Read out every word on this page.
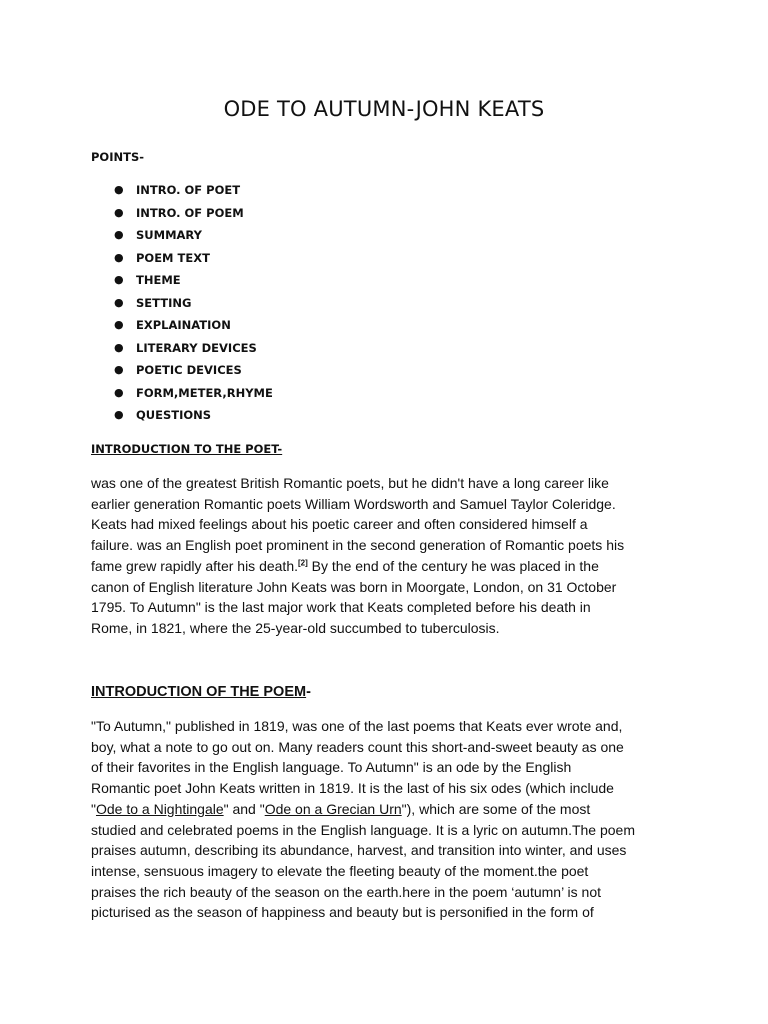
ODE TO AUTUMN-JOHN KEATS

POINTS-

● INTRO. OF POET
● INTRO. OF POEM
● SUMMARY
● POEM TEXT
● THEME
● SETTING
● EXPLAINATION
● LITERARY DEVICES
● POETIC DEVICES
● FORM,METER,RHYME
● QUESTIONS
INTRODUCTION TO THE POET-

was one of the greatest British Romantic poets, but he didn't have a long career like
earlier generation Romantic poets William Wordsworth and Samuel Taylor Coleridge.
Keats had mixed feelings about his poetic career and often considered himself a
failure. was an English poet prominent in the second generation of Romantic poets his
fame grew rapidly after his death.[2] By the end of the century he was placed in the
canon of English literature John Keats was born in Moorgate, London, on 31 October
1795. To Autumn" is the last major work that Keats completed before his death in
Rome, in 1821, where the 25-year-old succumbed to tuberculosis.

INTRODUCTION OF THE POEM-

"To Autumn," published in 1819, was one of the last poems that Keats ever wrote and,
boy, what a note to go out on. Many readers count this short-and-sweet beauty as one
of their favorites in the English language. To Autumn" is an ode by the English
Romantic poet John Keats written in 1819. It is the last of his six odes (which include
"Ode to a Nightingale" and "Ode on a Grecian Urn"), which are some of the most
studied and celebrated poems in the English language. It is a lyric on autumn.The poem
praises autumn, describing its abundance, harvest, and transition into winter, and uses
intense, sensuous imagery to elevate the fleeting beauty of the moment.the poet
praises the rich beauty of the season on the earth.here in the poem ‘autumn’ is not
picturised as the season of happiness and beauty but is personified in the form of
